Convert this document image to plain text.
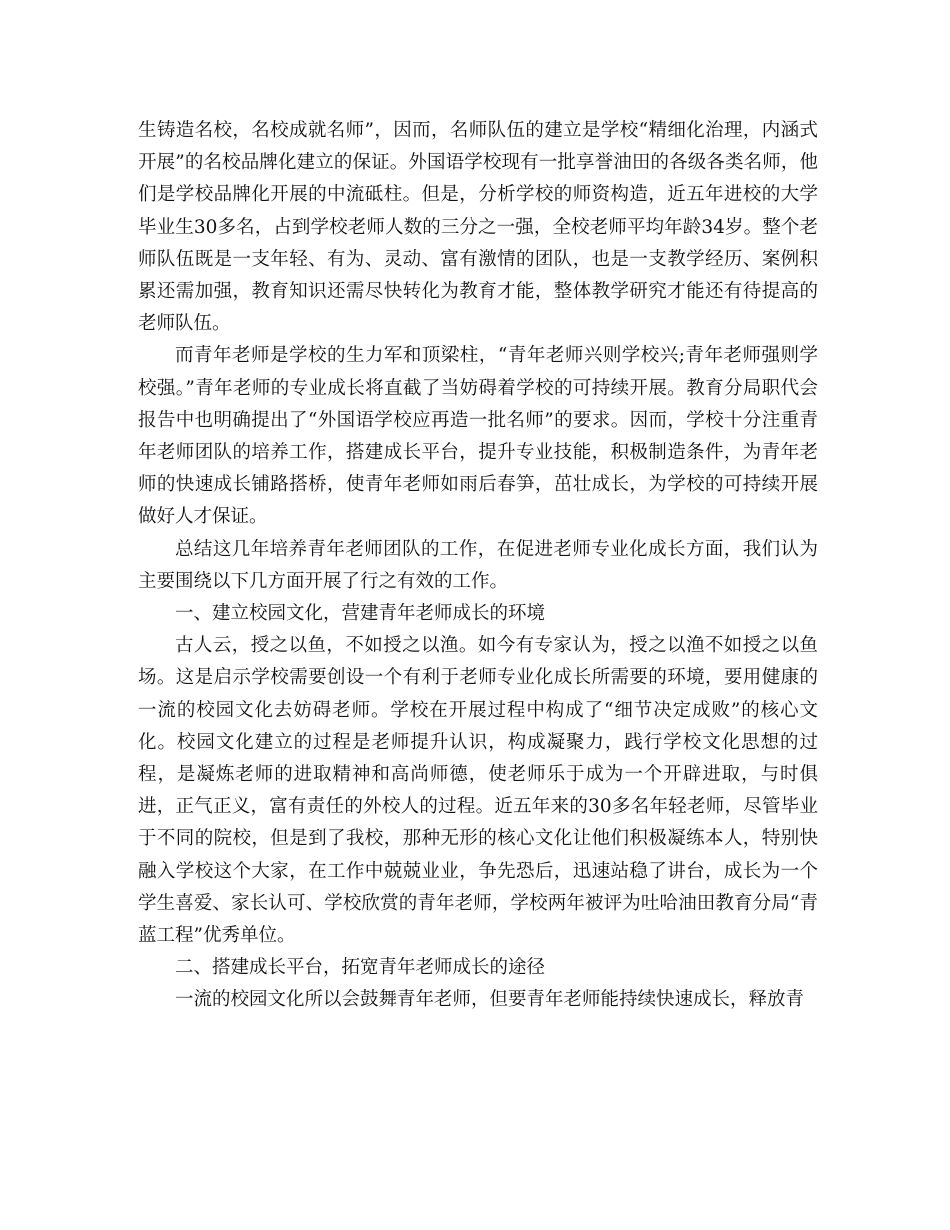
生铸造名校，名校成就名师”，因而，名师队伍的建立是学校“精细化治理，内涵式开展”的名校品牌化建立的保证。外国语学校现有一批享誉油田的各级各类名师，他们是学校品牌化开展的中流砥柱。但是，分析学校的师资构造，近五年进校的大学毕业生30多名，占到学校老师人数的三分之一强，全校老师平均年龄34岁。整个老师队伍既是一支年轻、有为、灵动、富有激情的团队，也是一支教学经历、案例积累还需加强，教育知识还需尽快转化为教育才能，整体教学研究才能还有待提高的老师队伍。

而青年老师是学校的生力军和顶梁柱，“青年老师兴则学校兴;青年老师强则学校强。”青年老师的专业成长将直截了当妨碍着学校的可持续开展。教育分局职代会报告中也明确提出了“外国语学校应再造一批名师”的要求。因而，学校十分注重青年老师团队的培养工作，搭建成长平台，提升专业技能，积极制造条件，为青年老师的快速成长铺路搭桥，使青年老师如雨后春笋，茁壮成长，为学校的可持续开展做好人才保证。

总结这几年培养青年老师团队的工作，在促进老师专业化成长方面，我们认为主要围绕以下几方面开展了行之有效的工作。

一、建立校园文化，营建青年老师成长的环境

古人云，授之以鱼，不如授之以渔。如今有专家认为，授之以渔不如授之以鱼场。这是启示学校需要创设一个有利于老师专业化成长所需要的环境，要用健康的一流的校园文化去妨碍老师。学校在开展过程中构成了“细节决定成败”的核心文化。校园文化建立的过程是老师提升认识，构成凝聚力，践行学校文化思想的过程，是凝炼老师的进取精神和高尚师德，使老师乐于成为一个开辟进取，与时俱进，正气正义，富有责任的外校人的过程。近五年来的30多名年轻老师，尽管毕业于不同的院校，但是到了我校，那种无形的核心文化让他们积极凝练本人，特别快融入学校这个大家，在工作中兢兢业业，争先恐后，迅速站稳了讲台，成长为一个学生喜爱、家长认可、学校欣赏的青年老师，学校两年被评为吐哈油田教育分局“青蓝工程”优秀单位。

二、搭建成长平台，拓宽青年老师成长的途径

一流的校园文化所以会鼓舞青年老师，但要青年老师能持续快速成长，释放青
